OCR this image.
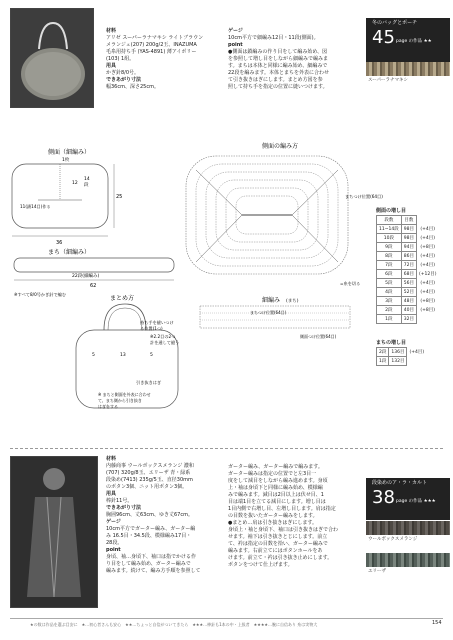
材料
アリゼ スーパーラナマキシ ライトブラウン
メランジェ(207) 200g/2玉、INAZUMA
毛糸用持ち手 (YAS-4891) 薄アイボリー
(103) 1組。
用具
かぎ針8/0号。
できあがり寸法
幅36cm、深さ25cm。
ゲージ
10cm平方で細編み12目・11段(側面)。
point
●側面は鎖編みの作り目をして編み始め、図
を参照して増し目をしながら細編みで編みま
す。まちは本体と同様に編み始め、細編みで
22段を編みます。本体とまちを外表に合わせ
て引き抜きはぎにします。まとめ方図を参
照して持ち手を指定の位置に縫いつけます。
冬のバッグとポーチ
45 page の作品 ★★
スーパーラナマキシ
側面（細編み）
1枚
14
段
12
11(鎖14目)作る
36
25
まち（細編み）
22段(細編み)
62
※すべて8/0号かぎ針で編む
側面の編み方
まちつけ位置(64目)
=糸を切る
まとめ方
5	13	5
持ち手を縫いつけ
る位置(1つ)
※2.2目の2つ
計を通して縫う
引き抜きはぎ
※ まちと側面を外表に合わせ
て、まち側から引き抜き
はぎをする
細編み (まち)
まちつけ位置(64目)
側面つけ位置(64目)
側面の増し目
段数	目数	
11~14段	98目	(+4目)
10段	98目	(+4目)
9段	94目	(+8目)
8段	86目	(+4目)
7段	72目	(+4目)
6段	68目	(+12目)
5段	56目	(+4目)
4段	52目	(+4目)
3段	48目	(+8目)
2段	40目	(+8目)
1段	32目	
まちの増し目
2段	136目	(+4目)
1段	132目	
材料
内藤商事 ウールボックスメランジ 濃和
(707) 320g/8玉、エリーザ 青・緑系
段染め(7413) 235g/5玉、直径30mm
のボタン3個、ニット用ボタン3個。
用具
棒針11号。
できあがり寸法
胸囲96cm、丈63cm、ゆき丈67cm。
ゲージ
10cm平方でガーター編み、ガーター編
み 16.5目・34.5段、模様編み17目・
28段。
point
身頃、袖…身頃下、袖口は指でかける作
り目をして編み始め、ガーター編みで
編みます。続けて、編み方手順を参照して
ガーター編み、ガーター編みで編みます。
ガーター編みは指定の位置でと左3目一
度をして減目をしながら編み進めます。身頃
上・袖は身頃下と同様に編み始め、模様編
みで編みます。減目は2目以上は伏せ目、1
目は端1目を立てる減目にします。増し目は
1目内側で右増し目、左増し目します。肩は指定
の目数を抜いたガーター編みをします。
●まとめ…肩は引き抜きはぎにします。
身頃上・袖と身頃下、袖口は引き抜きはぎで合わ
せます。袖下は引き抜きとじにします。前立
て、衿は指定の目数を拾い、ガーター編みで
編みます。右前立てにはボタンホールをあ
けます。前立て・衿は引き抜き止めにします。
ボタンをつけて仕上げます。
段染めのア・ラ・カルト
38 page の作品 ★★★
ウールボックスメランジ
エリーザ
★の数は作品を選ぶ目安に　★…初心者さんも安心　★★…ちょっと自信がついてきたら　★★★…棒針も1本の中・上級者　★★★★…腕に自信あり 糸は実物大	154
